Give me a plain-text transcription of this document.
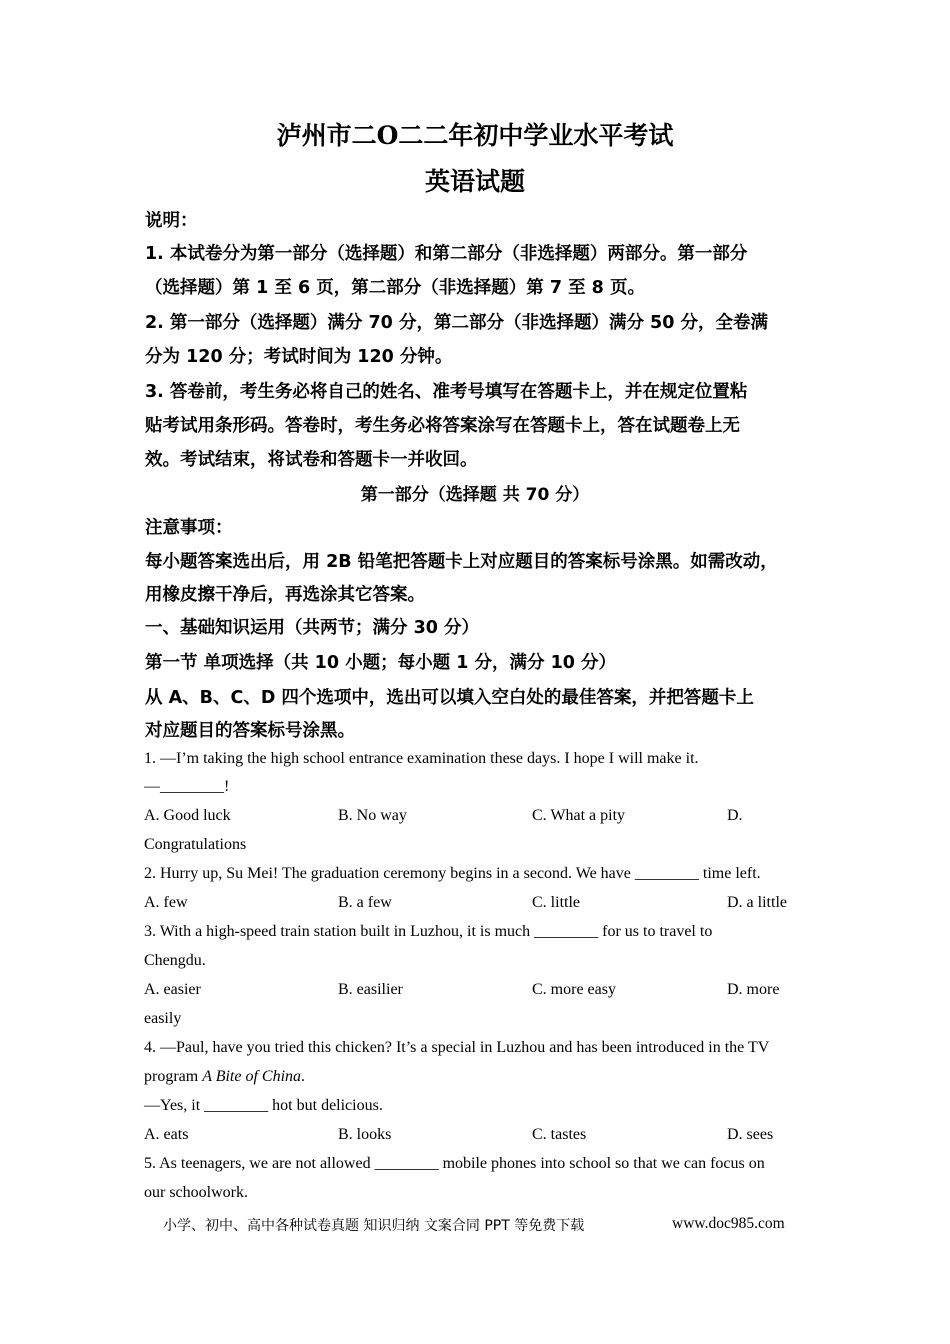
泸州市二O二二年初中学业水平考试
英语试题
说明：
1. 本试卷分为第一部分（选择题）和第二部分（非选择题）两部分。第一部分
（选择题）第 1 至 6 页，第二部分（非选择题）第 7 至 8 页。
2. 第一部分（选择题）满分 70 分，第二部分（非选择题）满分 50 分，全卷满
分为 120 分；考试时间为 120 分钟。
3. 答卷前，考生务必将自己的姓名、准考号填写在答题卡上，并在规定位置粘
贴考试用条形码。答卷时，考生务必将答案涂写在答题卡上，答在试题卷上无
效。考试结束，将试卷和答题卡一并收回。
第一部分（选择题 共 70 分）
注意事项：
每小题答案选出后，用 2B 铅笔把答题卡上对应题目的答案标号涂黑。如需改动，
用橡皮擦干净后，再选涂其它答案。
一、基础知识运用（共两节；满分 30 分）
第一节 单项选择（共 10 小题；每小题 1 分，满分 10 分）
从 A、B、C、D 四个选项中，选出可以填入空白处的最佳答案，并把答题卡上
对应题目的答案标号涂黑。
1. —I’m taking the high school entrance examination these days. I hope I will make it.
—________!
A. Good luck	B. No way	C. What a pity	D.
Congratulations
2. Hurry up, Su Mei! The graduation ceremony begins in a second. We have ________ time left.
A. few	B. a few	C. little	D. a little
3. With a high-speed train station built in Luzhou, it is much ________ for us to travel to
Chengdu.
A. easier	B. easilier	C. more easy	D. more
easily
4. —Paul, have you tried this chicken? It’s a special in Luzhou and has been introduced in the TV
program A Bite of China.
—Yes, it ________ hot but delicious.
A. eats	B. looks	C. tastes	D. sees
5. As teenagers, we are not allowed ________ mobile phones into school so that we can focus on
our schoolwork.
小学、初中、高中各种试卷真题 知识归纳 文案合同 PPT 等免费下载	www.doc985.com
